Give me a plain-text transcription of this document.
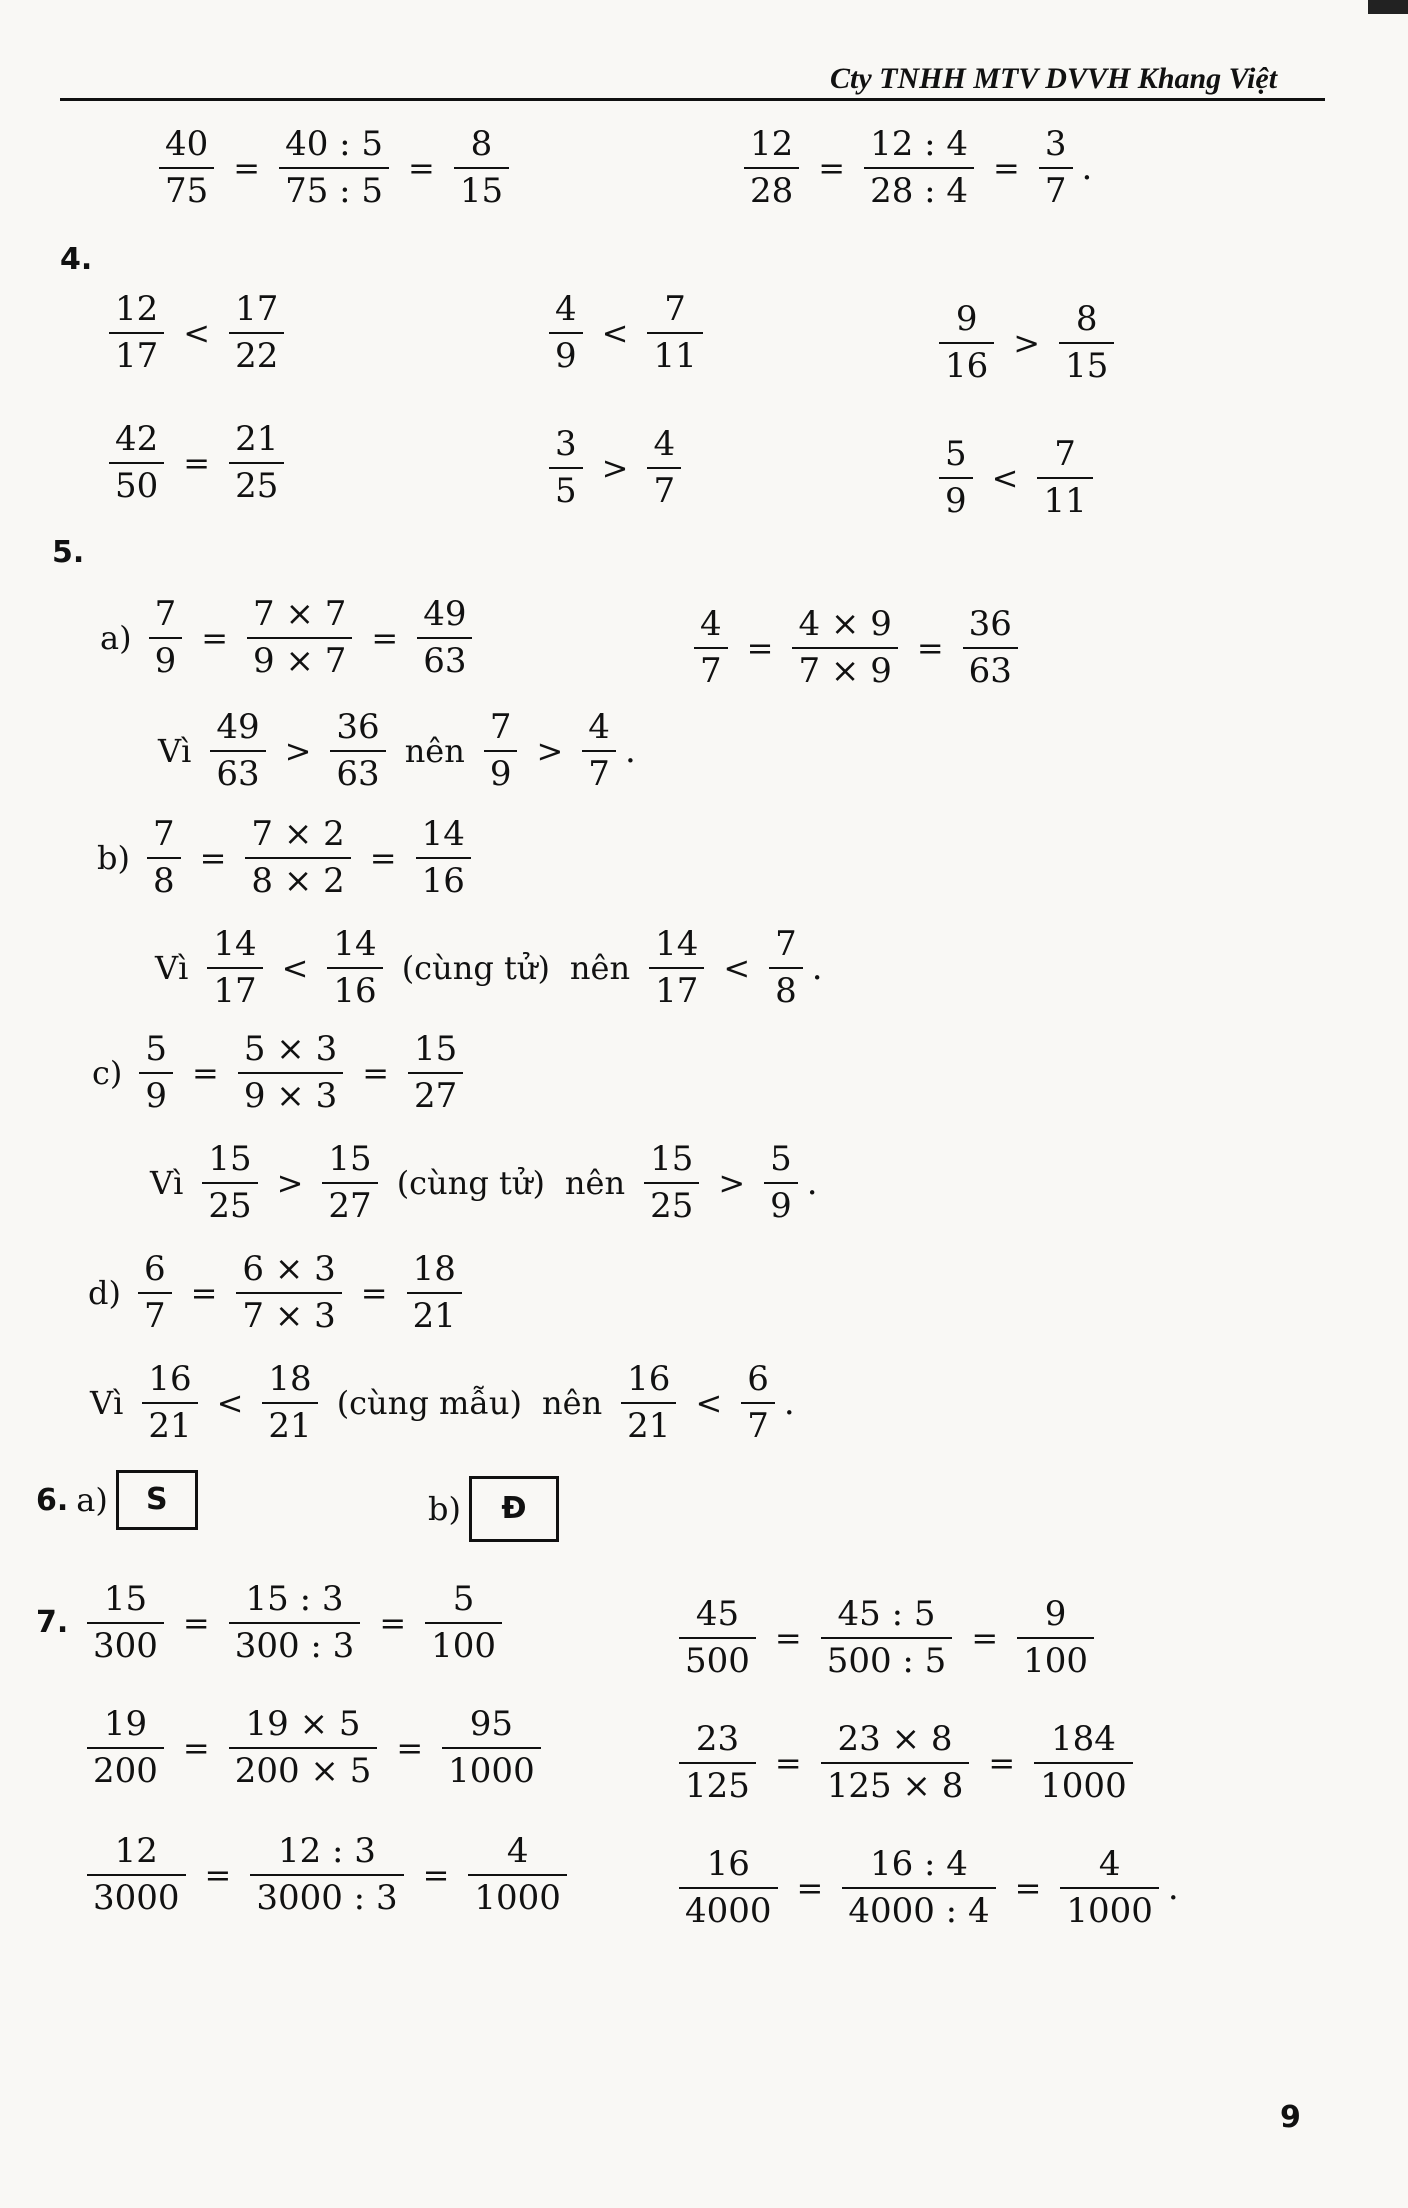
Cty TNHH MTV DVVH Khang Việt
$\frac{40}{75} = \frac{40 : 5}{75 : 5} = \frac{8}{15}$	$\frac{12}{28} = \frac{12 : 4}{28 : 4} = \frac{3}{7}$ .
4.
$\frac{12}{17} < \frac{17}{22}$	$\frac{4}{9} < \frac{7}{11}$	$\frac{9}{16} > \frac{8}{15}$
$\frac{42}{50} = \frac{21}{25}$	$\frac{3}{5} > \frac{4}{7}$	$\frac{5}{9} < \frac{7}{11}$
5.
$a) \frac{7}{9} = \frac{7 \times 7}{9 \times 7} = \frac{49}{63}$	$\frac{4}{7} = \frac{4 \times 9}{7 \times 9} = \frac{36}{63}$
Vì $\frac{49}{63} > \frac{36}{63}$ nên $\frac{7}{9} > \frac{4}{7}$ .
$b) \frac{7}{8} = \frac{7 \times 2}{8 \times 2} = \frac{14}{16}$
Vì $\frac{14}{17} < \frac{14}{16}$ (cùng tử) nên $\frac{14}{17} < \frac{7}{8}$ .
$c) \frac{5}{9} = \frac{5 \times 3}{9 \times 3} = \frac{15}{27}$
Vì $\frac{15}{25} > \frac{15}{27}$ (cùng tử) nên $\frac{15}{25} > \frac{5}{9}$ .
$d) \frac{6}{7} = \frac{6 \times 3}{7 \times 3} = \frac{18}{21}$
Vì $\frac{16}{21} < \frac{18}{21}$ (cùng mẫu) nên $\frac{16}{21} < \frac{6}{7}$ .
6. a)	S	b)	Đ
7. $\frac{15}{300} = \frac{15 : 3}{300 : 3} = \frac{5}{100}$	$\frac{45}{500} = \frac{45 : 5}{500 : 5} = \frac{9}{100}$
$\frac{19}{200} = \frac{19 \times 5}{200 \times 5} = \frac{95}{1000}$	$\frac{23}{125} = \frac{23 \times 8}{125 \times 8} = \frac{184}{1000}$
$\frac{12}{3000} = \frac{12 : 3}{3000 : 3} = \frac{4}{1000}$	$\frac{16}{4000} = \frac{16 : 4}{4000 : 4} = \frac{4}{1000}$ .
9
